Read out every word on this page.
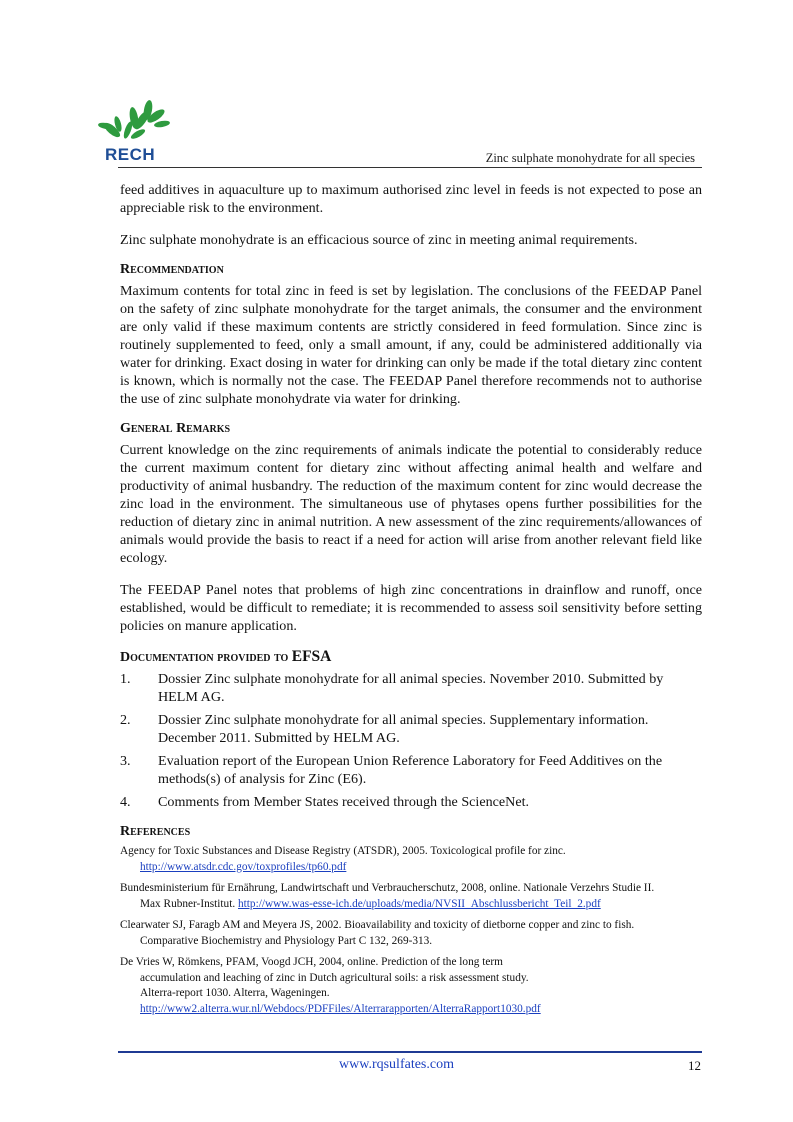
RECH	Zinc sulphate monohydrate for all species

feed additives in aquaculture up to maximum authorised zinc level in feeds is not expected to pose an appreciable risk to the environment.

Zinc sulphate monohydrate is an efficacious source of zinc in meeting animal requirements.

Recommendation

Maximum contents for total zinc in feed is set by legislation. The conclusions of the FEEDAP Panel on the safety of zinc sulphate monohydrate for the target animals, the consumer and the environment are only valid if these maximum contents are strictly considered in feed formulation. Since zinc is routinely supplemented to feed, only a small amount, if any, could be administered additionally via water for drinking. Exact dosing in water for drinking can only be made if the total dietary zinc content is known, which is normally not the case. The FEEDAP Panel therefore recommends not to authorise the use of zinc sulphate monohydrate via water for drinking.

General Remarks

Current knowledge on the zinc requirements of animals indicate the potential to considerably reduce the current maximum content for dietary zinc without affecting animal health and welfare and productivity of animal husbandry. The reduction of the maximum content for zinc would decrease the zinc load in the environment. The simultaneous use of phytases opens further possibilities for the reduction of dietary zinc in animal nutrition. A new assessment of the zinc requirements/allowances of animals would provide the basis to react if a need for action will arise from another relevant field like ecology.

The FEEDAP Panel notes that problems of high zinc concentrations in drainflow and runoff, once established, would be difficult to remediate; it is recommended to assess soil sensitivity before setting policies on manure application.

Documentation provided to EFSA
1.	Dossier Zinc sulphate monohydrate for all animal species. November 2010. Submitted by HELM AG.
2.	Dossier Zinc sulphate monohydrate for all animal species. Supplementary information. December 2011. Submitted by HELM AG.
3.	Evaluation report of the European Union Reference Laboratory for Feed Additives on the methods(s) of analysis for Zinc (E6).
4.	Comments from Member States received through the ScienceNet.
References
Agency for Toxic Substances and Disease Registry (ATSDR), 2005. Toxicological profile for zinc.
http://www.atsdr.cdc.gov/toxprofiles/tp60.pdf
Bundesministerium für Ernährung, Landwirtschaft und Verbraucherschutz, 2008, online. Nationale Verzehrs Studie II.
Max Rubner-Institut. http://www.was-esse-ich.de/uploads/media/NVSII_Abschlussbericht_Teil_2.pdf
Clearwater SJ, Faragb AM and Meyera JS, 2002. Bioavailability and toxicity of dietborne copper and zinc to fish.
Comparative Biochemistry and Physiology Part C 132, 269-313.
De Vries W, Römkens, PFAM, Voogd JCH, 2004, online. Prediction of the long term
accumulation and leaching of zinc in Dutch agricultural soils: a risk assessment study.
Alterra-report 1030. Alterra, Wageningen.
http://www2.alterra.wur.nl/Webdocs/PDFFiles/Alterrarapporten/AlterraRapport1030.pdf
www.rqsulfates.com	12
